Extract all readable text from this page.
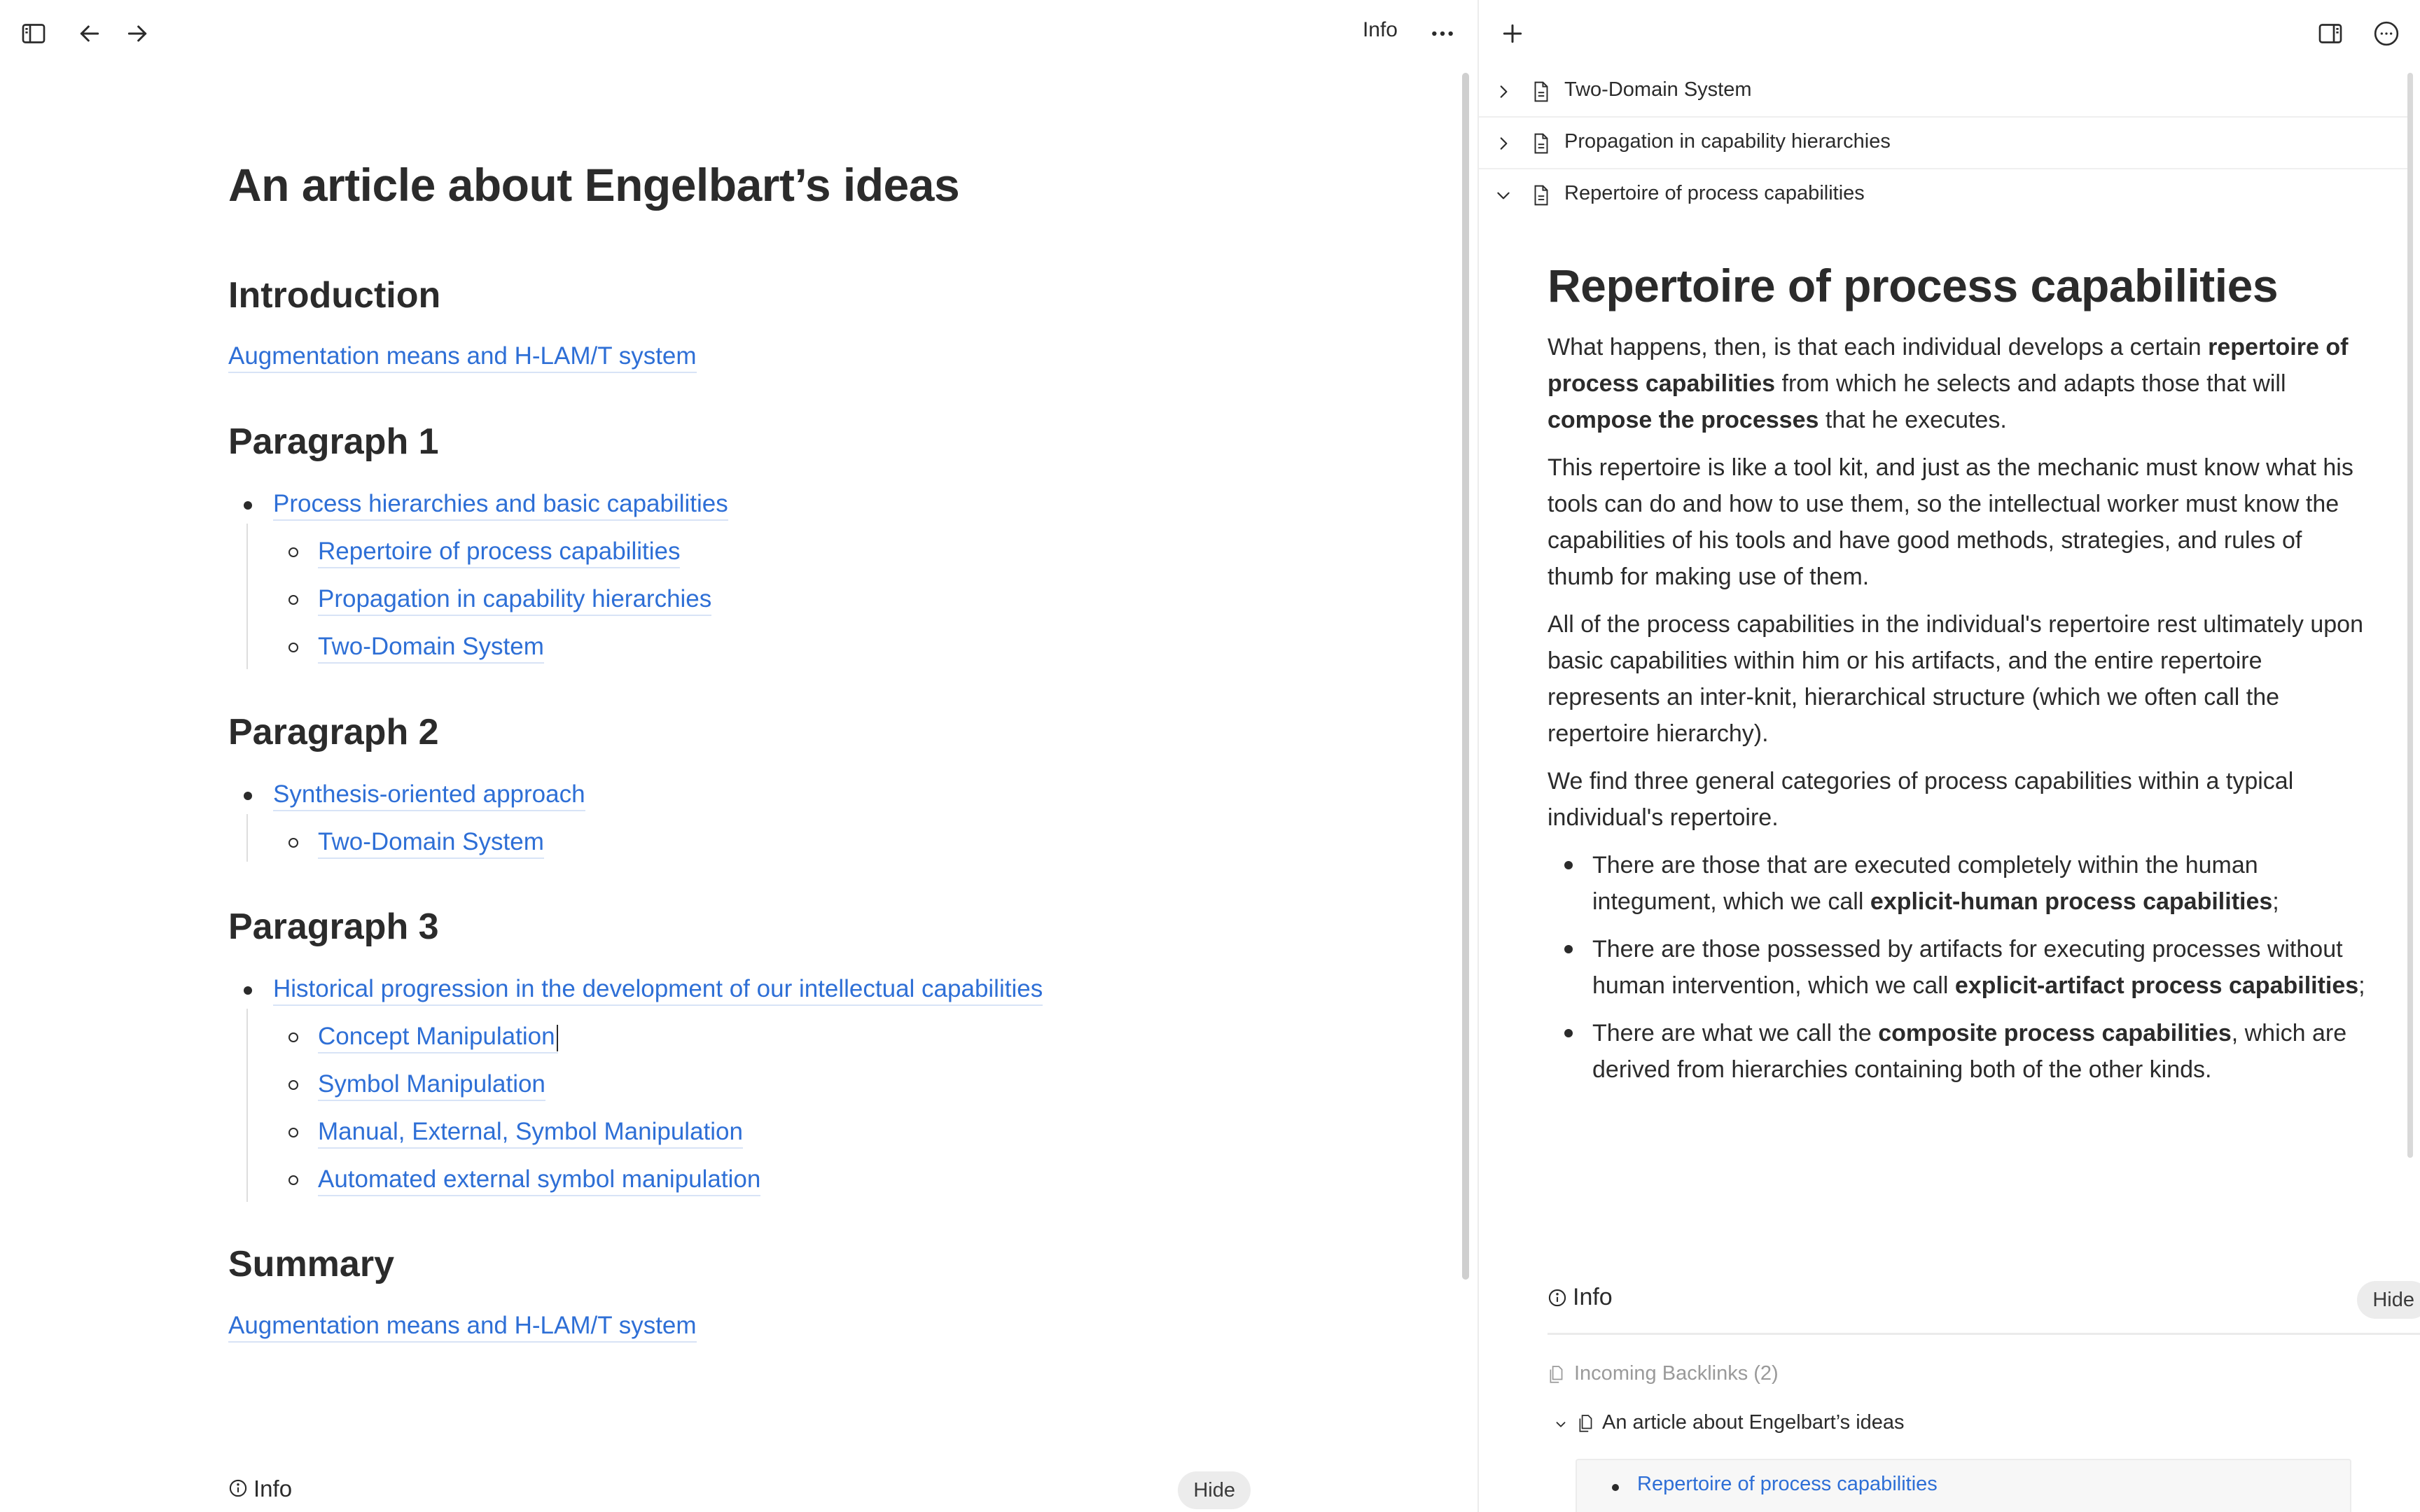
Info
An article about Engelbart’s ideas
Introduction
Augmentation means and H-LAM/T system
Paragraph 1
Process hierarchies and basic capabilities
Repertoire of process capabilities
Propagation in capability hierarchies
Two-Domain System
Paragraph 2
Synthesis-oriented approach
Two-Domain System
Paragraph 3
Historical progression in the development of our intellectual capabilities
Concept Manipulation
Symbol Manipulation
Manual, External, Symbol Manipulation
Automated external symbol manipulation
Summary
Augmentation means and H-LAM/T system
Info	Hide
Two-Domain System
Propagation in capability hierarchies
Repertoire of process capabilities
Repertoire of process capabilities

What happens, then, is that each individual develops a certain repertoire of process capabilities from which he selects and adapts those that will compose the processes that he executes.

This repertoire is like a tool kit, and just as the mechanic must know what his tools can do and how to use them, so the intellectual worker must know the capabilities of his tools and have good methods, strategies, and rules of thumb for making use of them.

All of the process capabilities in the individual's repertoire rest ultimately upon basic capabilities within him or his artifacts, and the entire repertoire represents an inter-knit, hierarchical structure (which we often call the repertoire hierarchy).

We find three general categories of process capabilities within a typical individual's repertoire.

There are those that are executed completely within the human integument, which we call explicit-human process capabilities;
There are those possessed by artifacts for executing processes without human intervention, which we call explicit-artifact process capabilities;
There are what we call the composite process capabilities, which are derived from hierarchies containing both of the other kinds.
Info	Hide
Incoming Backlinks (2)
An article about Engelbart’s ideas
Repertoire of process capabilities
